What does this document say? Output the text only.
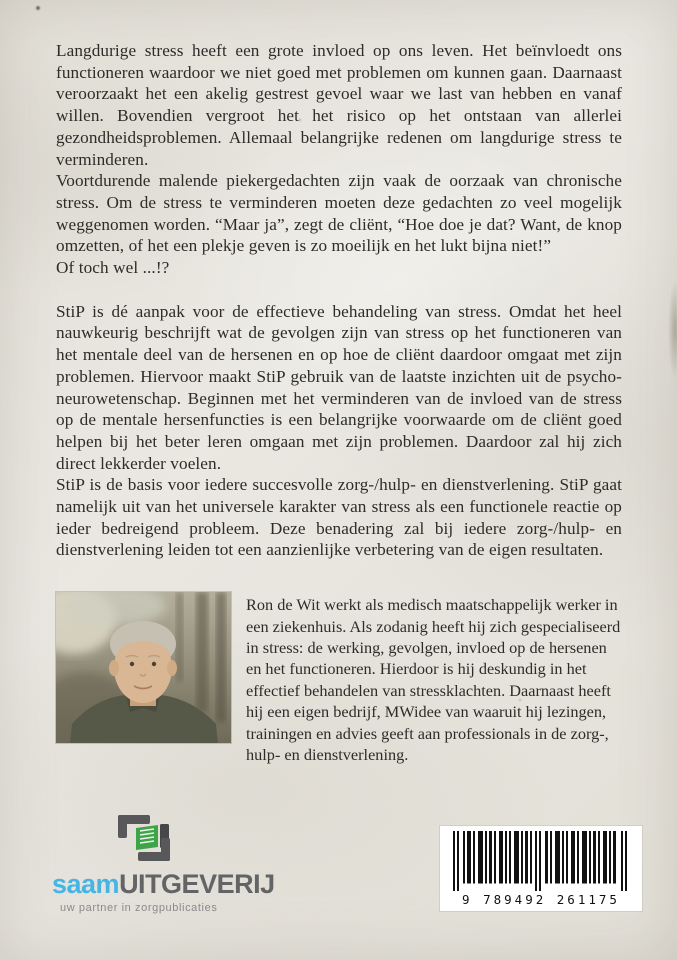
Langdurige stress heeft een grote invloed op ons leven. Het beïnvloedt ons functioneren waardoor we niet goed met problemen om kunnen gaan. Daarnaast veroorzaakt het een akelig gestrest gevoel waar we last van hebben en vanaf willen. Bovendien vergroot het het risico op het ontstaan van allerlei gezondheidsproblemen. Allemaal belangrijke redenen om langdurige stress te verminderen.

Voortdurende malende piekergedachten zijn vaak de oorzaak van chronische stress. Om de stress te verminderen moeten deze gedachten zo veel mogelijk weggenomen worden. “Maar ja”, zegt de cliënt, “Hoe doe je dat? Want, de knop omzetten, of het een plekje geven is zo moeilijk en het lukt bijna niet!”

Of toch wel ...!?

StiP is dé aanpak voor de effectieve behandeling van stress. Omdat het heel nauwkeurig beschrijft wat de gevolgen zijn van stress op het functioneren van het mentale deel van de hersenen en op hoe de cliënt daardoor omgaat met zijn problemen. Hiervoor maakt StiP gebruik van de laatste inzichten uit de psycho-neurowetenschap. Beginnen met het verminderen van de invloed van de stress op de mentale hersenfuncties is een belangrijke voorwaarde om de cliënt goed helpen bij het beter leren omgaan met zijn problemen. Daardoor zal hij zich direct lekkerder voelen.

StiP is de basis voor iedere succesvolle zorg-/hulp- en dienstverlening. StiP gaat namelijk uit van het universele karakter van stress als een functionele reactie op ieder bedreigend probleem. Deze benadering zal bij iedere zorg-/hulp- en dienstverlening leiden tot een aanzienlijke verbetering van de eigen resultaten.

Ron de Wit werkt als medisch maatschappelijk werker in een ziekenhuis. Als zodanig heeft hij zich gespecialiseerd in stress: de werking, gevolgen, invloed op de hersenen en het functioneren. Hierdoor is hij deskundig in het effectief behandelen van stressklachten. Daarnaast heeft hij een eigen bedrijf, MWidee van waaruit hij lezingen, trainingen en advies geeft aan professionals in de zorg-, hulp- en dienstverlening.

saamUITGEVERIJ
uw partner in zorgpublicaties
9 789492 261175
